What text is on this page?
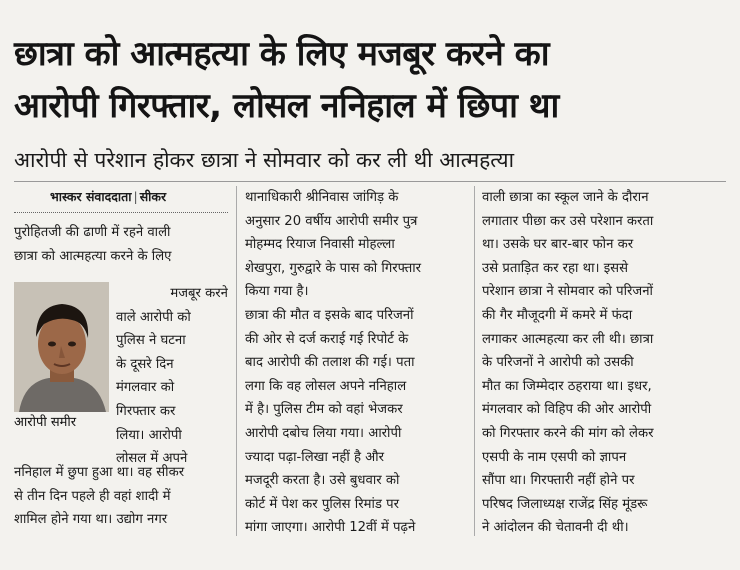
छात्रा को आत्महत्या के लिए मजबूर करने का
आरोपी गिरफ्तार, लोसल ननिहाल में छिपा था
आरोपी से परेशान होकर छात्रा ने सोमवार को कर ली थी आत्महत्या
भास्कर संवाददाता | सीकर
पुरोहितजी की ढाणी में रहने वाली
छात्रा को आत्महत्या करने के लिए
मजबूर करने
वाले आरोपी को
पुलिस ने घटना
के दूसरे दिन
मंगलवार को
गिरफ्तार कर
लिया। आरोपी
लोसल में अपने
आरोपी समीर
ननिहाल में छुपा हुआ था। वह सीकर
से तीन दिन पहले ही वहां शादी में
शामिल होने गया था। उद्योग नगर
थानाधिकारी श्रीनिवास जांगिड़ के
अनुसार 20 वर्षीय आरोपी समीर पुत्र
मोहम्मद रियाज निवासी मोहल्ला
शेखपुरा, गुरुद्वारे के पास को गिरफ्तार
किया गया है।
छात्रा की मौत व इसके बाद परिजनों
की ओर से दर्ज कराई गई रिपोर्ट के
बाद आरोपी की तलाश की गई। पता
लगा कि वह लोसल अपने ननिहाल
में है। पुलिस टीम को वहां भेजकर
आरोपी दबोच लिया गया। आरोपी
ज्यादा पढ़ा-लिखा नहीं है और
मजदूरी करता है। उसे बुधवार को
कोर्ट में पेश कर पुलिस रिमांड पर
मांगा जाएगा। आरोपी 12वीं में पढ़ने
वाली छात्रा का स्कूल जाने के दौरान
लगातार पीछा कर उसे परेशान करता
था। उसके घर बार-बार फोन कर
उसे प्रताड़ित कर रहा था। इससे
परेशान छात्रा ने सोमवार को परिजनों
की गैर मौजूदगी में कमरे में फंदा
लगाकर आत्महत्या कर ली थी। छात्रा
के परिजनों ने आरोपी को उसकी
मौत का जिम्मेदार ठहराया था। इधर,
मंगलवार को विहिप की ओर आरोपी
को गिरफ्तार करने की मांग को लेकर
एसपी के नाम एसपी को ज्ञापन
सौंपा था। गिरफ्तारी नहीं होने पर
परिषद जिलाध्यक्ष राजेंद्र सिंह मूंडरू
ने आंदोलन की चेतावनी दी थी।
